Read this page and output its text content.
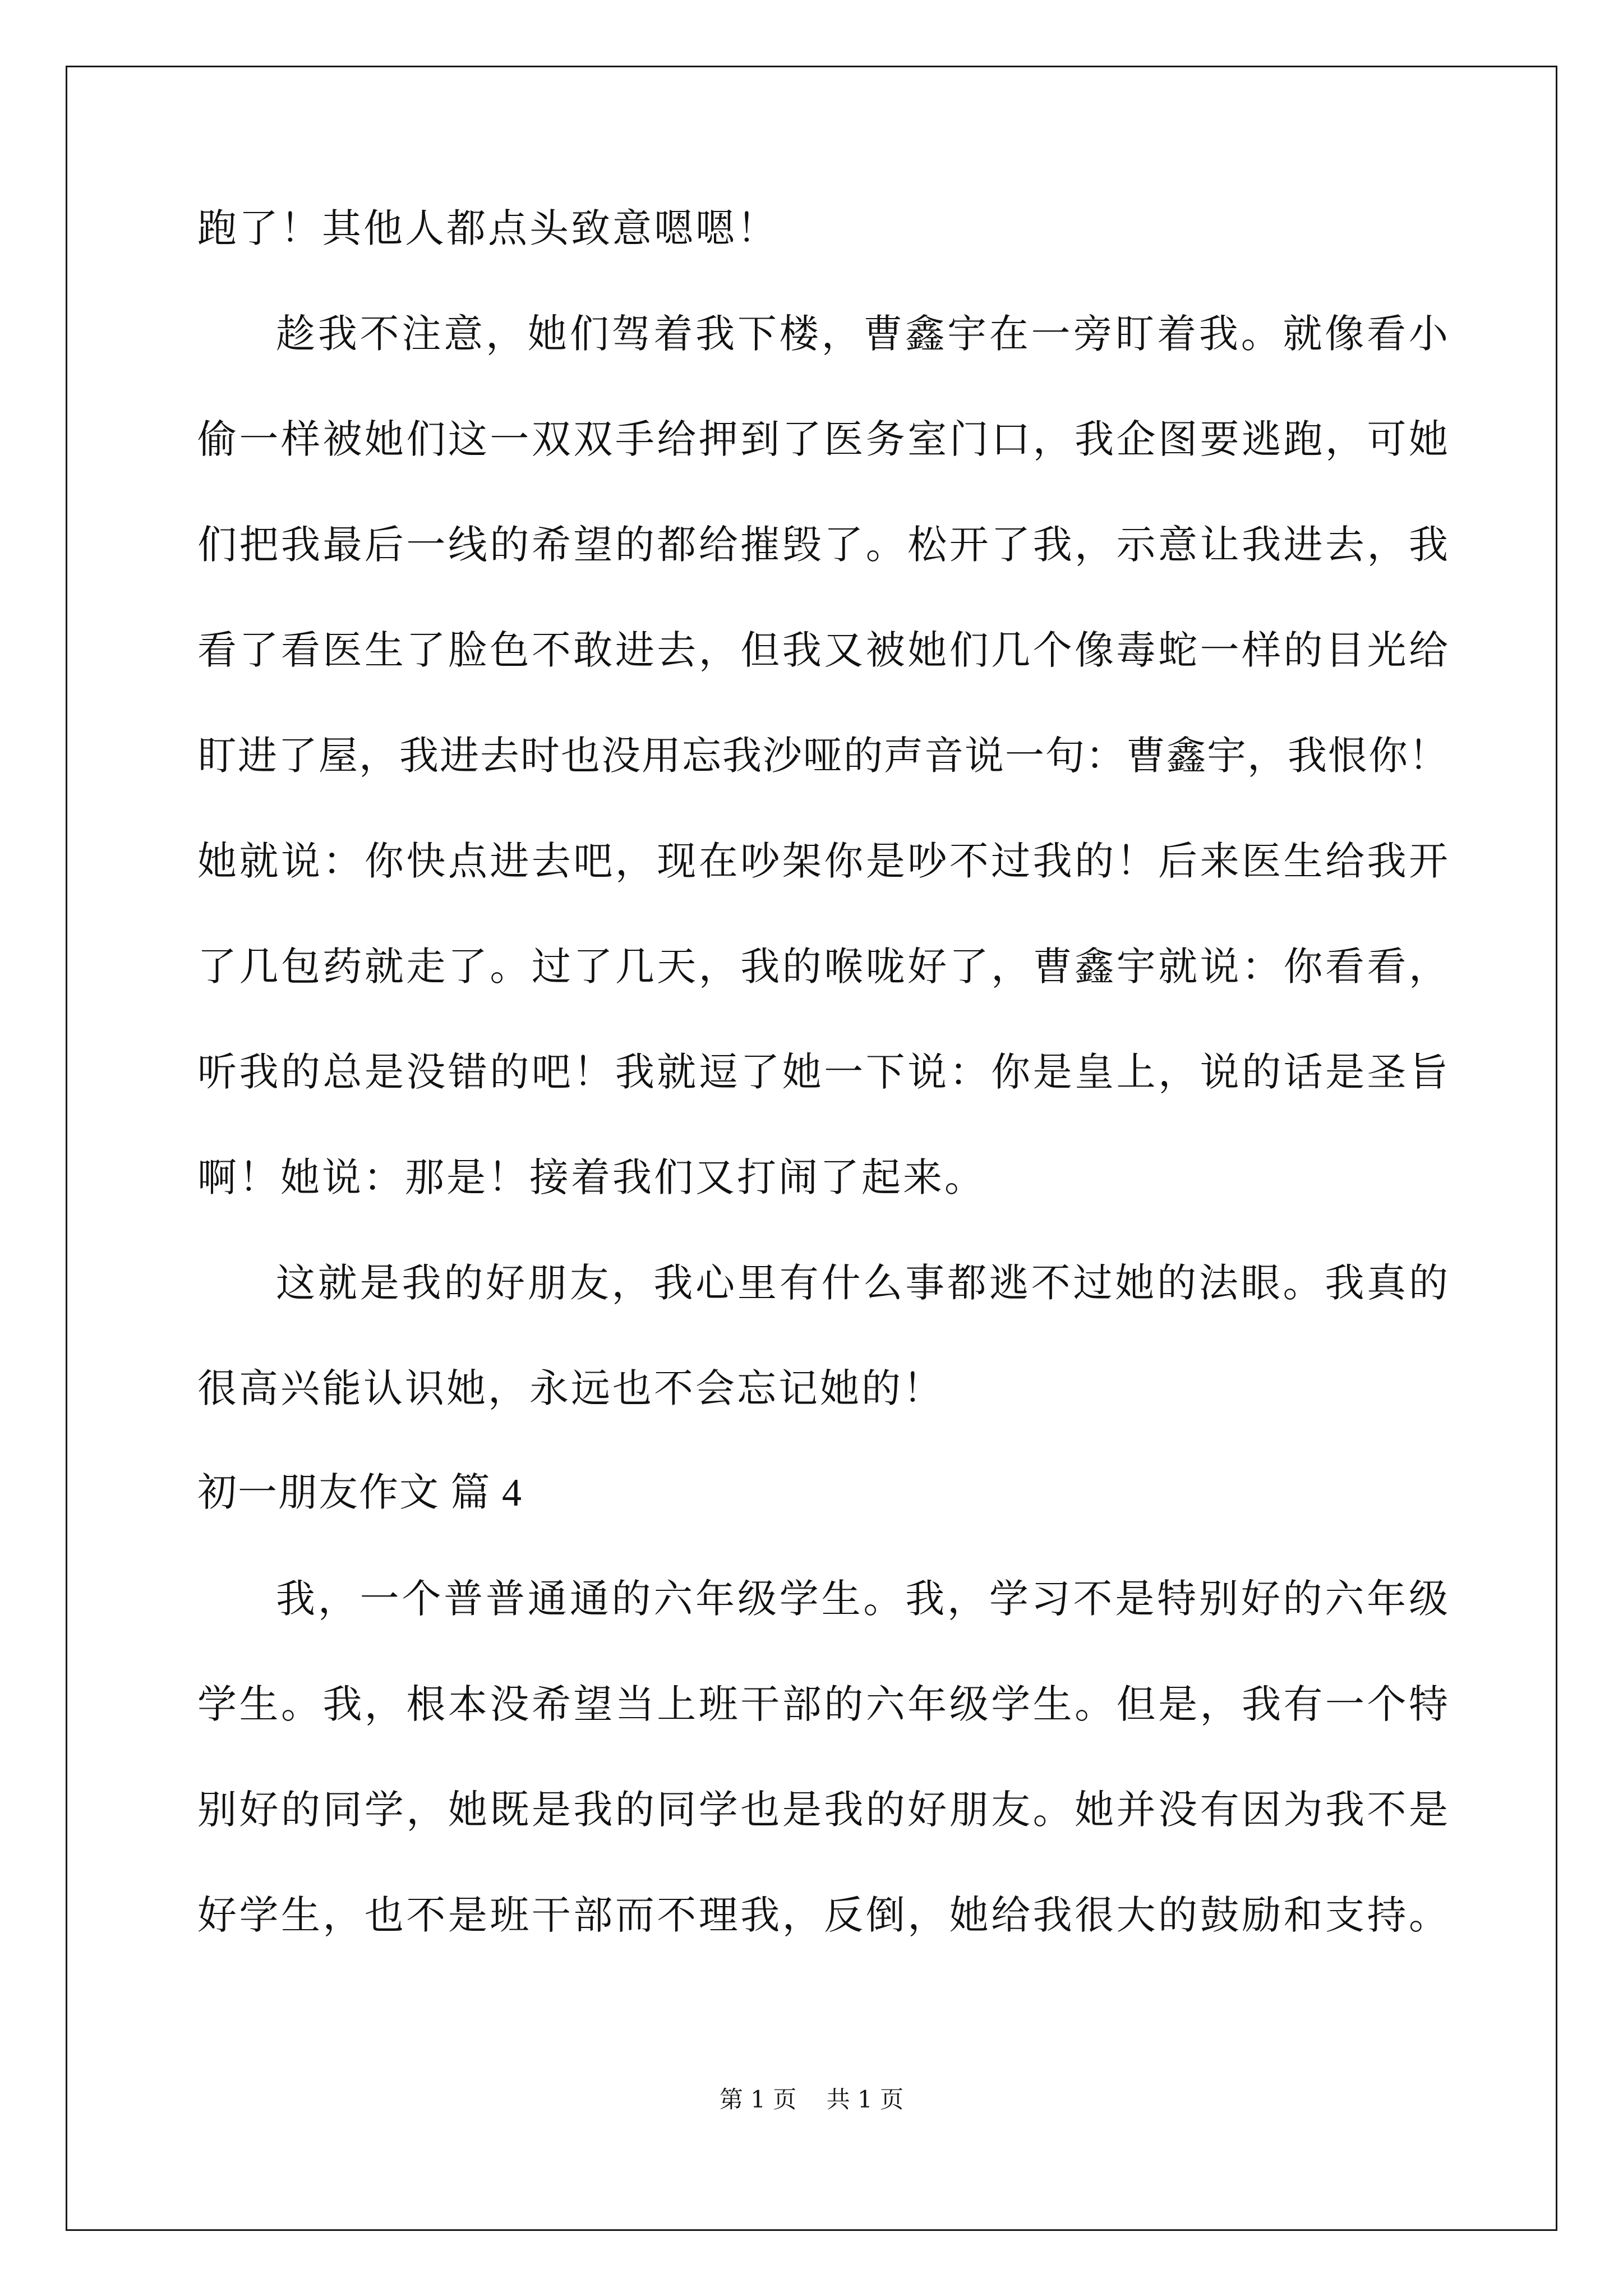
跑了！其他人都点头致意嗯嗯！
趁我不注意，她们驾着我下楼，曹鑫宇在一旁盯着我。就像看小
偷一样被她们这一双双手给押到了医务室门口，我企图要逃跑，可她
们把我最后一线的希望的都给摧毁了。松开了我，示意让我进去，我
看了看医生了脸色不敢进去，但我又被她们几个像毒蛇一样的目光给
盯进了屋，我进去时也没用忘我沙哑的声音说一句：曹鑫宇，我恨你！
她就说：你快点进去吧，现在吵架你是吵不过我的！后来医生给我开
了几包药就走了。过了几天，我的喉咙好了，曹鑫宇就说：你看看，
听我的总是没错的吧！我就逗了她一下说：你是皇上，说的话是圣旨
啊！她说：那是！接着我们又打闹了起来。
这就是我的好朋友，我心里有什么事都逃不过她的法眼。我真的
很高兴能认识她，永远也不会忘记她的！
初一朋友作文 篇 4
我，一个普普通通的六年级学生。我，学习不是特别好的六年级
学生。我，根本没希望当上班干部的六年级学生。但是，我有一个特
别好的同学，她既是我的同学也是我的好朋友。她并没有因为我不是
好学生，也不是班干部而不理我，反倒，她给我很大的鼓励和支持。
第 1 页    共 1 页
